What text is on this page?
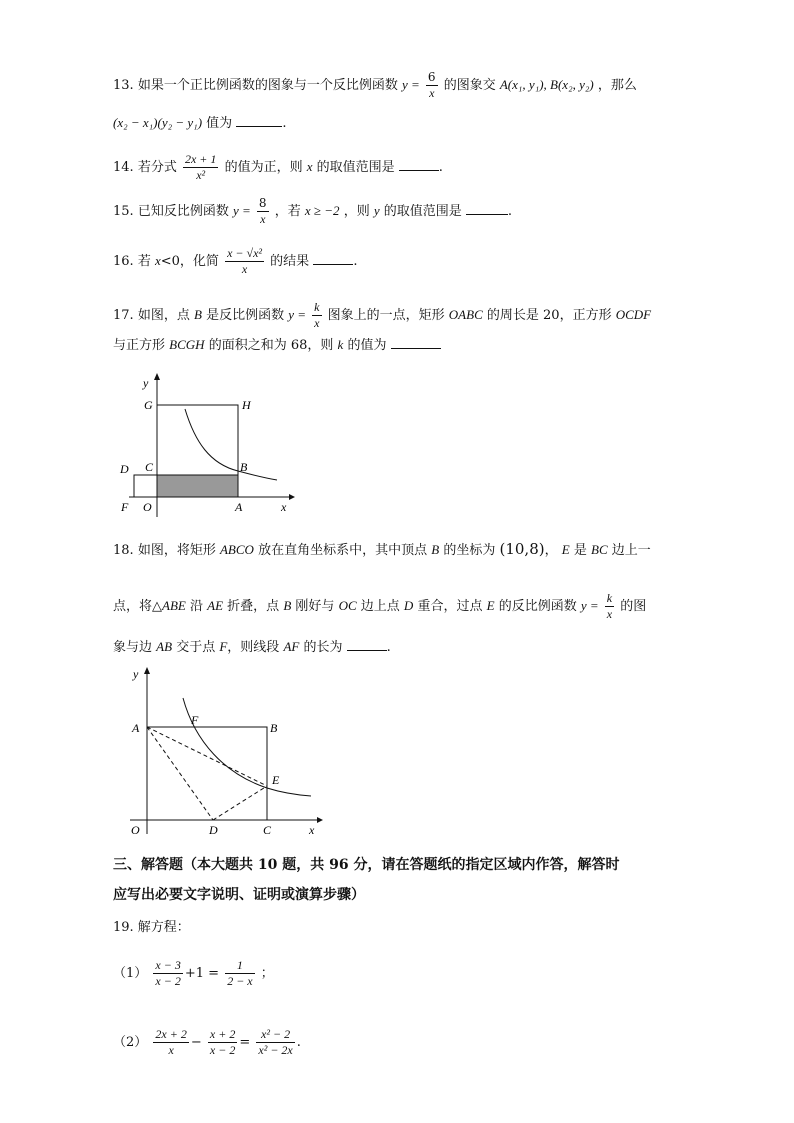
13. 如果一个正比例函数的图象与一个反比例函数 $y = \frac{6}{x}$ 的图象交 A(x₁, y₁), B(x₂, y₂) ，那么
(x₂ − x₁)(y₂ − y₁) 值为	.
14. 若分式 $\frac{2x + 1}{\text{x²}}$ 的值为正，则 x 的取值范围是	.
15. 已知反比例函数 $y = \frac{8}{x}$ ，若 x ≥ −2 ，则 y 的取值范围是	.
16. 若 x<0，化简 $\frac{\text{x − √x²}}{x}$ 的结果	.
17. 如图，点 B 是反比例函数 $y = \frac{k}{x}$ 图象上的一点，矩形 OABC 的周长是 20，正方形 OCDF
与正方形 BCGH 的面积之和为 68，则 k 的值为
y
G	H
D C	B
F O	A	x
18. 如图，将矩形 ABCO 放在直角坐标系中，其中顶点 B 的坐标为 (10,8)， E 是 BC 边上一
点，将△ABE 沿 AE 折叠，点 B 刚好与 OC 边上点 D 重合，过点 E 的反比例函数 $y = \frac{k}{x}$ 的图
象与边 AB 交于点 F，则线段 AF 的长为	.
y
A
F
B
E
O	D	C	x
三、解答题（本大题共 10 题，共 96 分，请在答题纸的指定区域内作答，解答时
应写出必要文字说明、证明或演算步骤）
19. 解方程：
$(1) \frac{x - 3}{x - 2} +1 = \frac{1}{2 - x}$ ；
$(2) \frac{2x + 2}{x} - \frac{x + 2}{x - 2} = \frac{\text{x² − 2}}{\text{x² − 2x}}$ .
